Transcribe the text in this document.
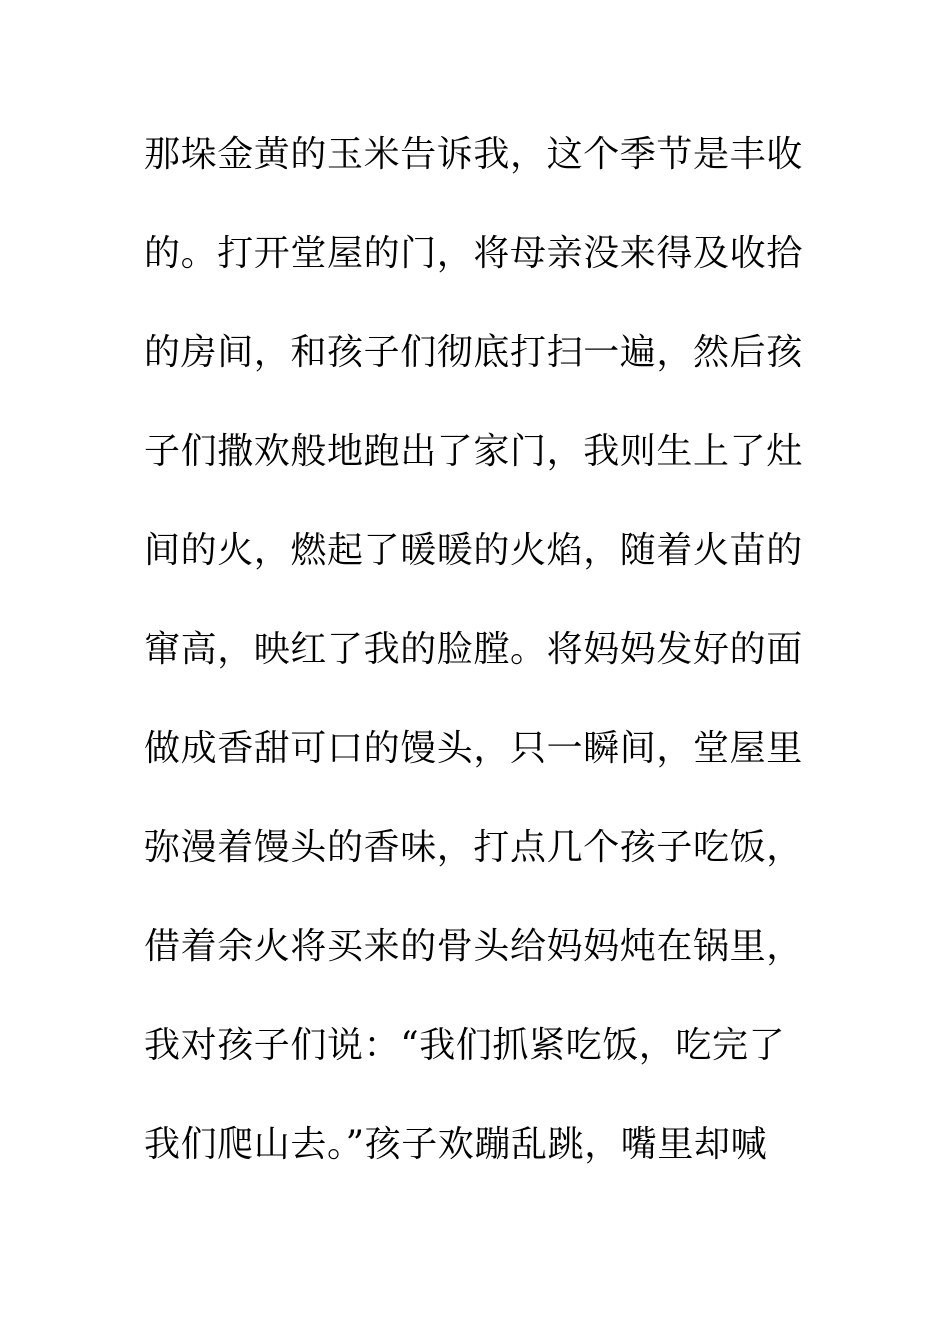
那垛金黄的玉米告诉我，这个季节是丰收
的。打开堂屋的门，将母亲没来得及收拾
的房间，和孩子们彻底打扫一遍，然后孩
子们撒欢般地跑出了家门，我则生上了灶
间的火，燃起了暖暖的火焰，随着火苗的
窜高，映红了我的脸膛。将妈妈发好的面
做成香甜可口的馒头，只一瞬间，堂屋里
弥漫着馒头的香味，打点几个孩子吃饭，
借着余火将买来的骨头给妈妈炖在锅里，
我对孩子们说：“我们抓紧吃饭，吃完了
我们爬山去。”孩子欢蹦乱跳，嘴里却喊
